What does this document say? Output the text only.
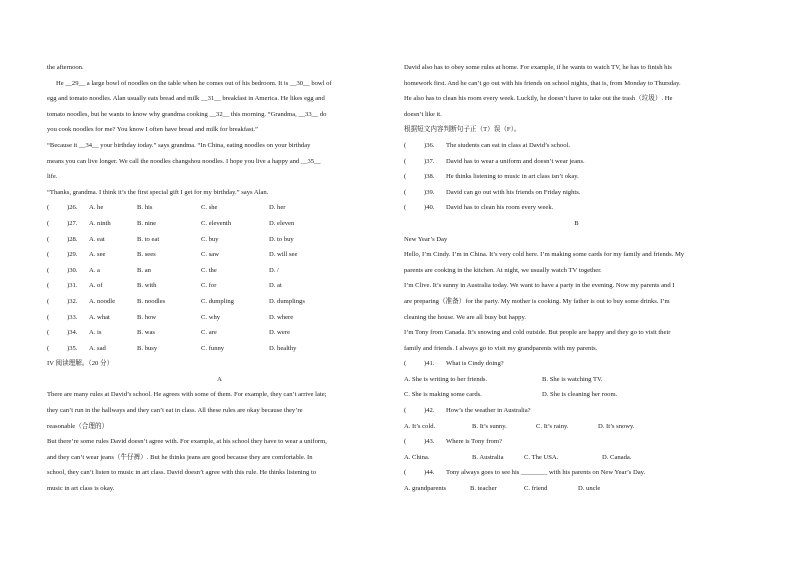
the afternoon.
He __29__ a large bowl of noodles on the table when he comes out of his bedroom. It is __30__ bowl of
egg and tomato noodles. Alan usually eats bread and milk __31__ breakfast in America. He likes egg and
tomato noodles, but he wants to know why grandma cooking __32__ this morning. “Grandma, __33__ do
you cook noodles for me? You know I often have bread and milk for breakfast.”
“Because it __34__ your birthday today.” says grandma. “In China, eating noodles on your birthday
means you can live longer. We call the noodles changshou noodles. I hope you live a happy and __35__
life.
“Thanks, grandma. I think it’s the first special gift I get for my birthday.” says Alan.
(	)26.	A. he	B. his	C. she	D. her
(	)27.	A. ninth	B. nine	C. eleventh	D. eleven
(	)28.	A. eat	B. to eat	C. buy	D. to buy
(	)29.	A. see	B. sees	C. saw	D. will see
(	)30.	A. a	B. an	C. the	D. /
(	)31.	A. of	B. with	C. for	D. at
(	)32.	A. noodle	B. noodles	C. dumpling	D. dumplings
(	)33.	A. what	B. how	C. why	D. where
(	)34.	A. is	B. was	C. are	D. were
(	)35.	A. sad	B. busy	C. funny	D. healthy
IV 阅读理解。（20 分）
A
There are many rules at David’s school. He agrees with some of them. For example, they can’t arrive late;
they can’t run in the hallways and they can’t eat in class. All these rules are okay because they’re
reasonable（合理的）
But there’re some rules David doesn’t agree with. For example, at his school they have to wear a uniform,
and they can’t wear jeans（牛仔裤）. But he thinks jeans are good because they are comfortable. In
school, they can’t listen to music in art class. David doesn’t agree with this rule. He thinks listening to
music in art class is okay.
David also has to obey some rules at home. For example, if he wants to watch TV, he has to finish his
homework first. And he can’t go out with his friends on school nights, that is, from Monday to Thursday.
He also has to clean his room every week. Luckily, he doesn’t have to take out the trash（垃圾）. He
doesn’t like it.
根据短文内容判断句子正（T）误（F）。
(	)36.	The students can eat in class at David’s school.
(	)37.	David has to wear a uniform and doesn’t wear jeans.
(	)38.	He thinks listening to music in art class isn’t okay.
(	)39.	David can go out with his friends on Friday nights.
(	)40.	David has to clean his room every week.
B
New Year’s Day
Hello, I’m Cindy. I’m in China. It’s very cold here. I’m making some cards for my family and friends. My
parents are cooking in the kitchen. At night, we usually watch TV together.
I’m Clive. It’s sunny in Australia today. We want to have a party in the evening. Now my parents and I
are preparing（准备）for the party. My mother is cooking. My father is out to buy some drinks. I’m
cleaning the house. We are all busy but happy.
I’m Tony from Canada. It’s snowing and cold outside. But people are happy and they go to visit their
family and friends. I always go to visit my grandparents with my parents.
(	)41.	What is Cindy doing?
A. She is writing to her friends.	B. She is watching TV.
C. She is making some cards.	D. She is cleaning her room.
(	)42.	How’s the weather in Australia?
A. It’s cold.	B. It’s sunny.	C. It’s rainy.	D. It’s snowy.
(	)43.	Where is Tony from?
A. China.	B. Australia	C. The USA.	D. Canada.
(	)44.	Tony always goes to see his ________ with his parents on New Year’s Day.
A. grandparents	B. teacher	C. friend	D. uncle
